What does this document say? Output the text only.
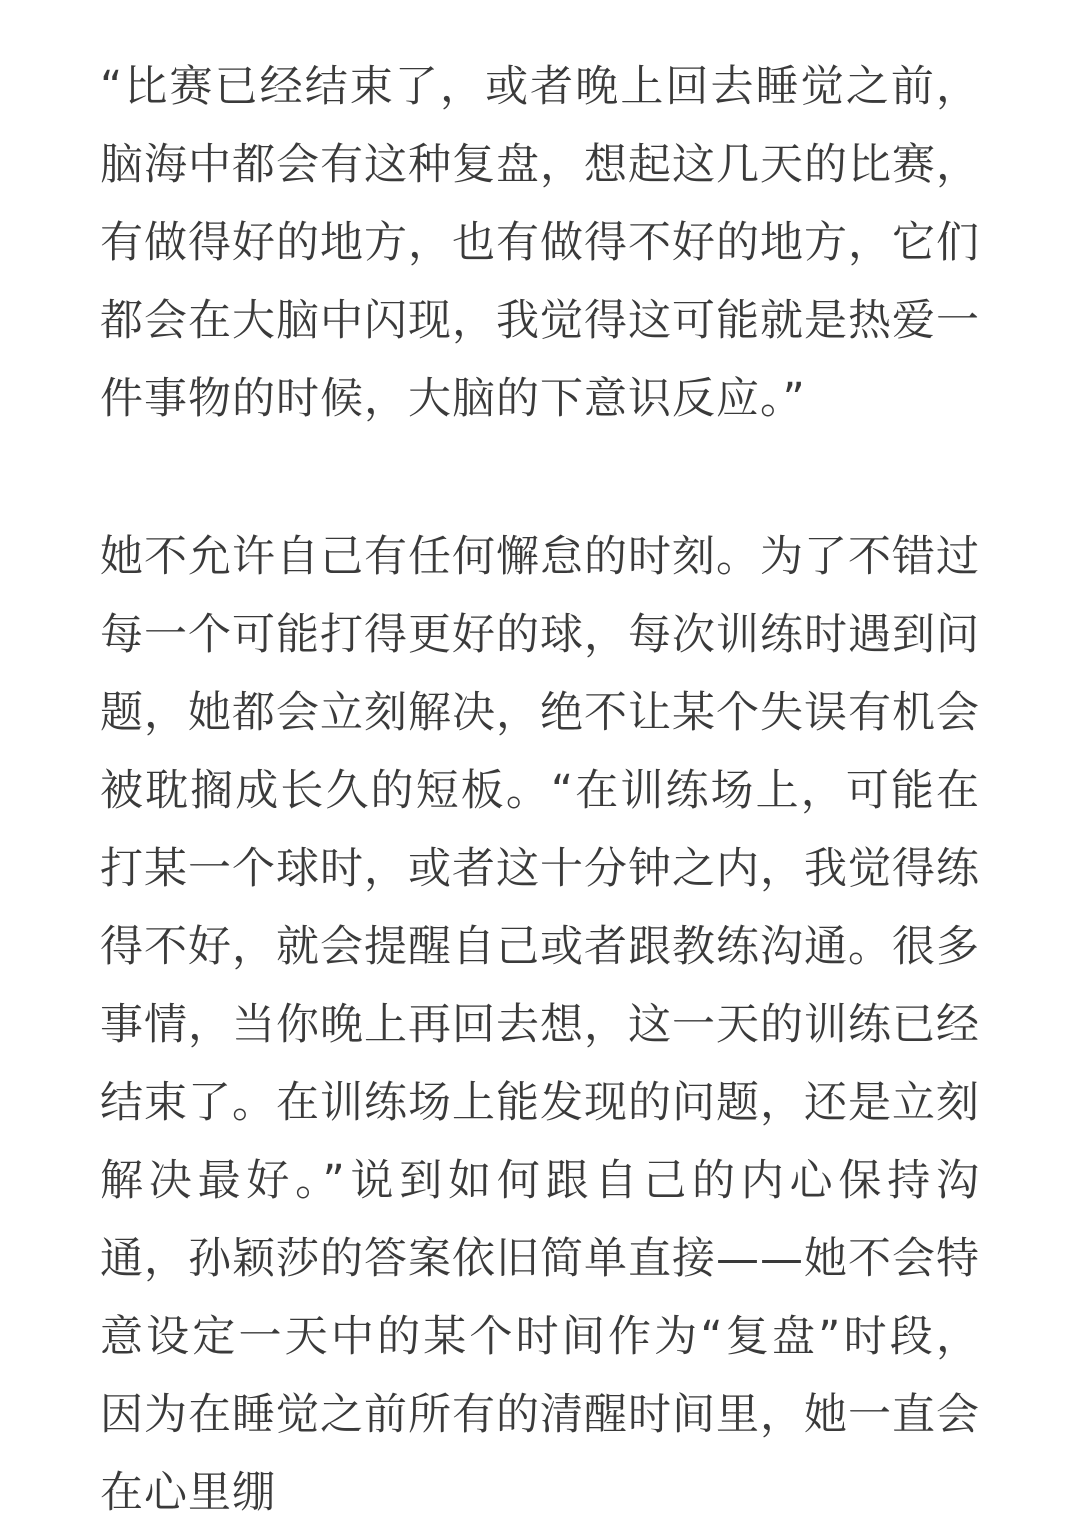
“比赛已经结束了，或者晚上回去睡觉之前，脑海中都会有这种复盘，想起这几天的比赛，有做得好的地方，也有做得不好的地方，它们都会在大脑中闪现，我觉得这可能就是热爱一件事物的时候，大脑的下意识反应。”

她不允许自己有任何懈怠的时刻。为了不错过每一个可能打得更好的球，每次训练时遇到问题，她都会立刻解决，绝不让某个失误有机会被耽搁成长久的短板。“在训练场上，可能在打某一个球时，或者这十分钟之内，我觉得练得不好，就会提醒自己或者跟教练沟通。很多事情，当你晚上再回去想，这一天的训练已经结束了。在训练场上能发现的问题，还是立刻解决最好。”说到如何跟自己的内心保持沟通，孙颖莎的答案依旧简单直接——她不会特意设定一天中的某个时间作为“复盘”时段，因为在睡觉之前所有的清醒时间里，她一直会在心里绷
